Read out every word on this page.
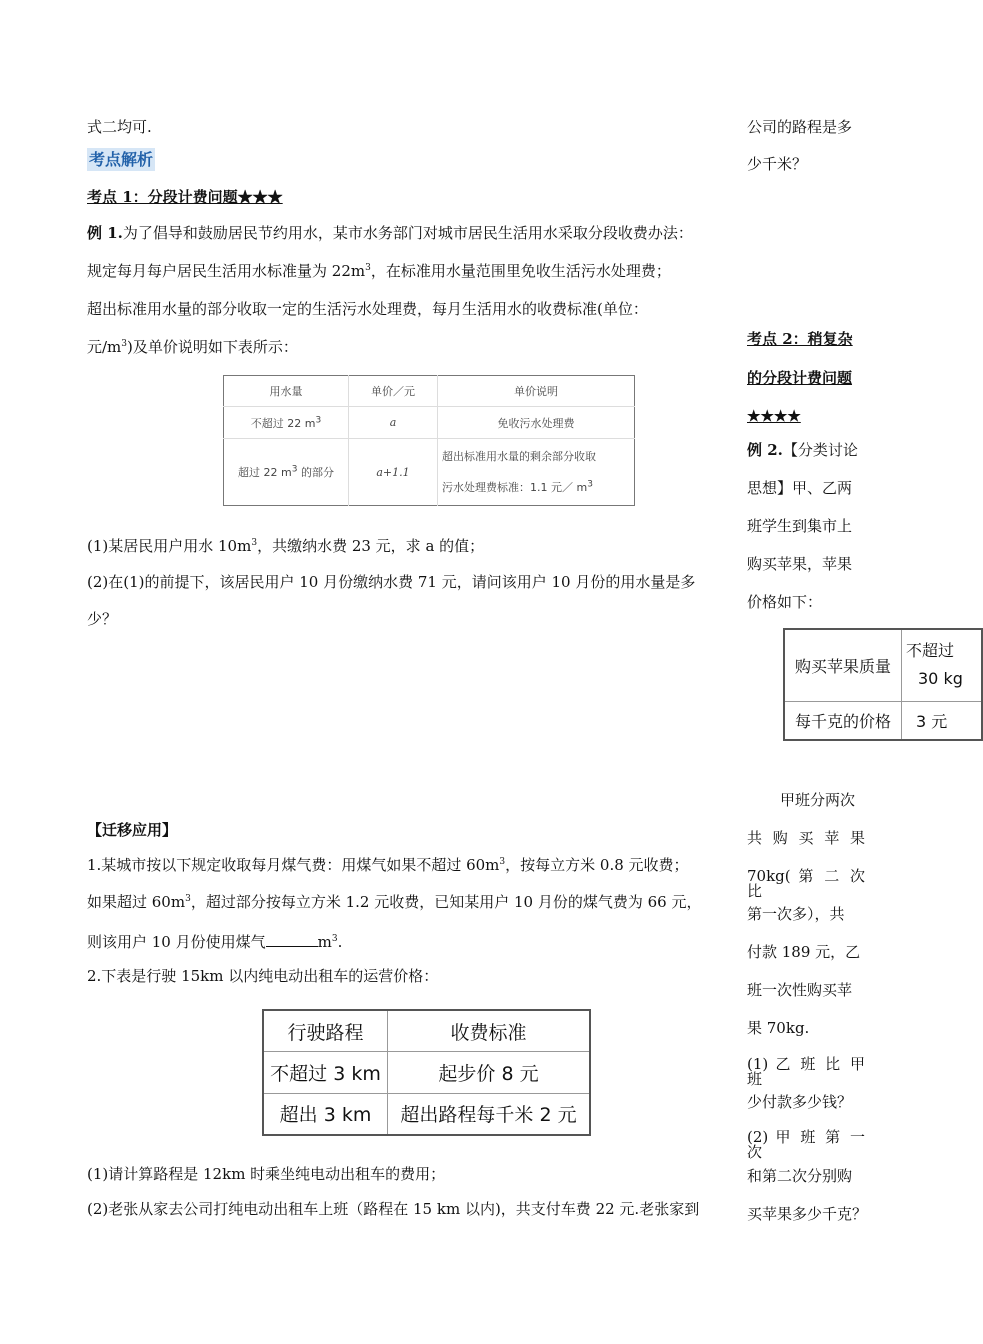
式二均可.
考点解析
考点 1：分段计费问题★★★
例 1.为了倡导和鼓励居民节约用水，某市水务部门对城市居民生活用水采取分段收费办法：
规定每月每户居民生活用水标准量为 $22m^3$，在标准用水量范围里免收生活污水处理费；
超出标准用水量的部分收取一定的生活污水处理费，每月生活用水的收费标准(单位：
元$/m^3$)及单价说明如下表所示：
用水量	单价／元	单价说明
不超过 22 $m^3$	a	免收污水处理费
超过 22 $m^3$ 的部分	a+1.1	超出标准用水量的剩余部分收取
污水处理费标准：1.1 元／ $m^3$
(1)某居民用户用水 $10m^3$，共缴纳水费 23 元，求 a 的值；
(2)在(1)的前提下，该居民用户 10 月份缴纳水费 71 元，请问该用户 10 月份的用水量是多
少？
【迁移应用】
1.某城市按以下规定收取每月煤气费：用煤气如果不超过 $60m^3$，按每立方米 0.8 元收费；
如果超过 $60m^3$，超过部分按每立方米 1.2 元收费，已知某用户 10 月份的煤气费为 66 元，
则该用户 10 月份使用煤气	$m^3$.
2.下表是行驶 15km 以内纯电动出租车的运营价格：
行驶路程	收费标准
不超过 3 km	起步价 8 元
超出 3 km	超出路程每千米 2 元
(1)请计算路程是 12km 时乘坐纯电动出租车的费用；
(2)老张从家去公司打纯电动出租车上班（路程在 15 km 以内)，共支付车费 22 元.老张家到
公司的路程是多
少千米？
考点 2：稍复杂
的分段计费问题
★★★★
例 2.【分类讨论
思想】甲、乙两
班学生到集市上
购买苹果，苹果
价格如下：
购买苹果质量	不超过
30 kg

每千克的价格	3 元
甲班分两次
共 购 买 苹 果
70kg( 第 二 次 比
第一次多），共
付款 189 元，乙
班一次性购买苹
果 70kg.
(1) 乙 班 比 甲 班
少付款多少钱？
(2) 甲 班 第 一 次
和第二次分别购
买苹果多少千克？
